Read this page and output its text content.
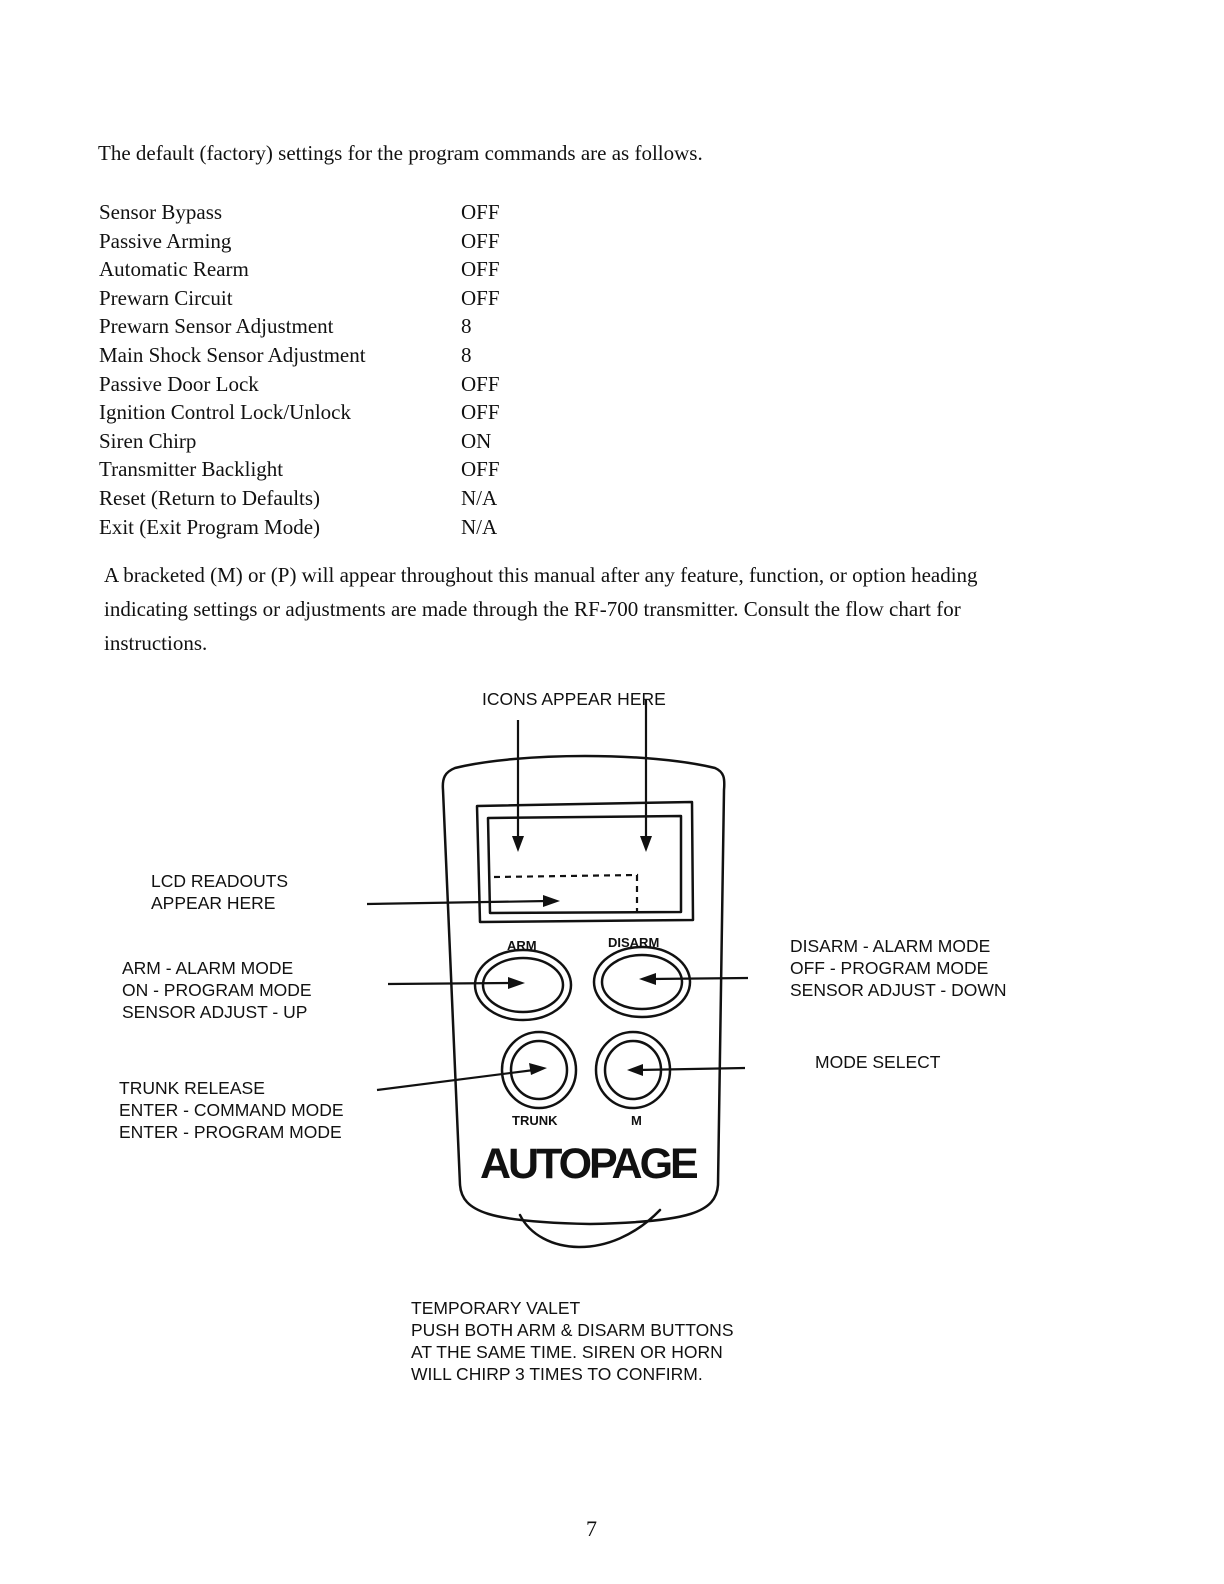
The default (factory) settings for the program commands are as follows.
Sensor Bypass	OFF
Passive Arming	OFF
Automatic Rearm	OFF
Prewarn Circuit	OFF
Prewarn Sensor Adjustment	8
Main Shock Sensor Adjustment	8
Passive Door Lock	OFF
Ignition Control Lock/Unlock	OFF
Siren Chirp	ON
Transmitter Backlight	OFF
Reset (Return to Defaults)	N/A
Exit (Exit Program Mode)	N/A
A bracketed (M) or (P) will appear throughout this manual after any feature, function, or option heading indicating settings or adjustments are made through the RF-700 transmitter. Consult the flow chart for instructions.
ARM	DISARM
TRUNK	M
AUTOPAGE
ICONS APPEAR HERE
LCD READOUTS
APPEAR HERE
ARM - ALARM MODE
ON - PROGRAM MODE
SENSOR ADJUST - UP
TRUNK RELEASE
ENTER - COMMAND MODE
ENTER - PROGRAM MODE
DISARM - ALARM MODE
OFF - PROGRAM MODE
SENSOR ADJUST - DOWN
MODE SELECT
TEMPORARY VALET
PUSH BOTH ARM & DISARM BUTTONS
AT THE SAME TIME. SIREN OR HORN
WILL CHIRP 3 TIMES TO CONFIRM.
7
